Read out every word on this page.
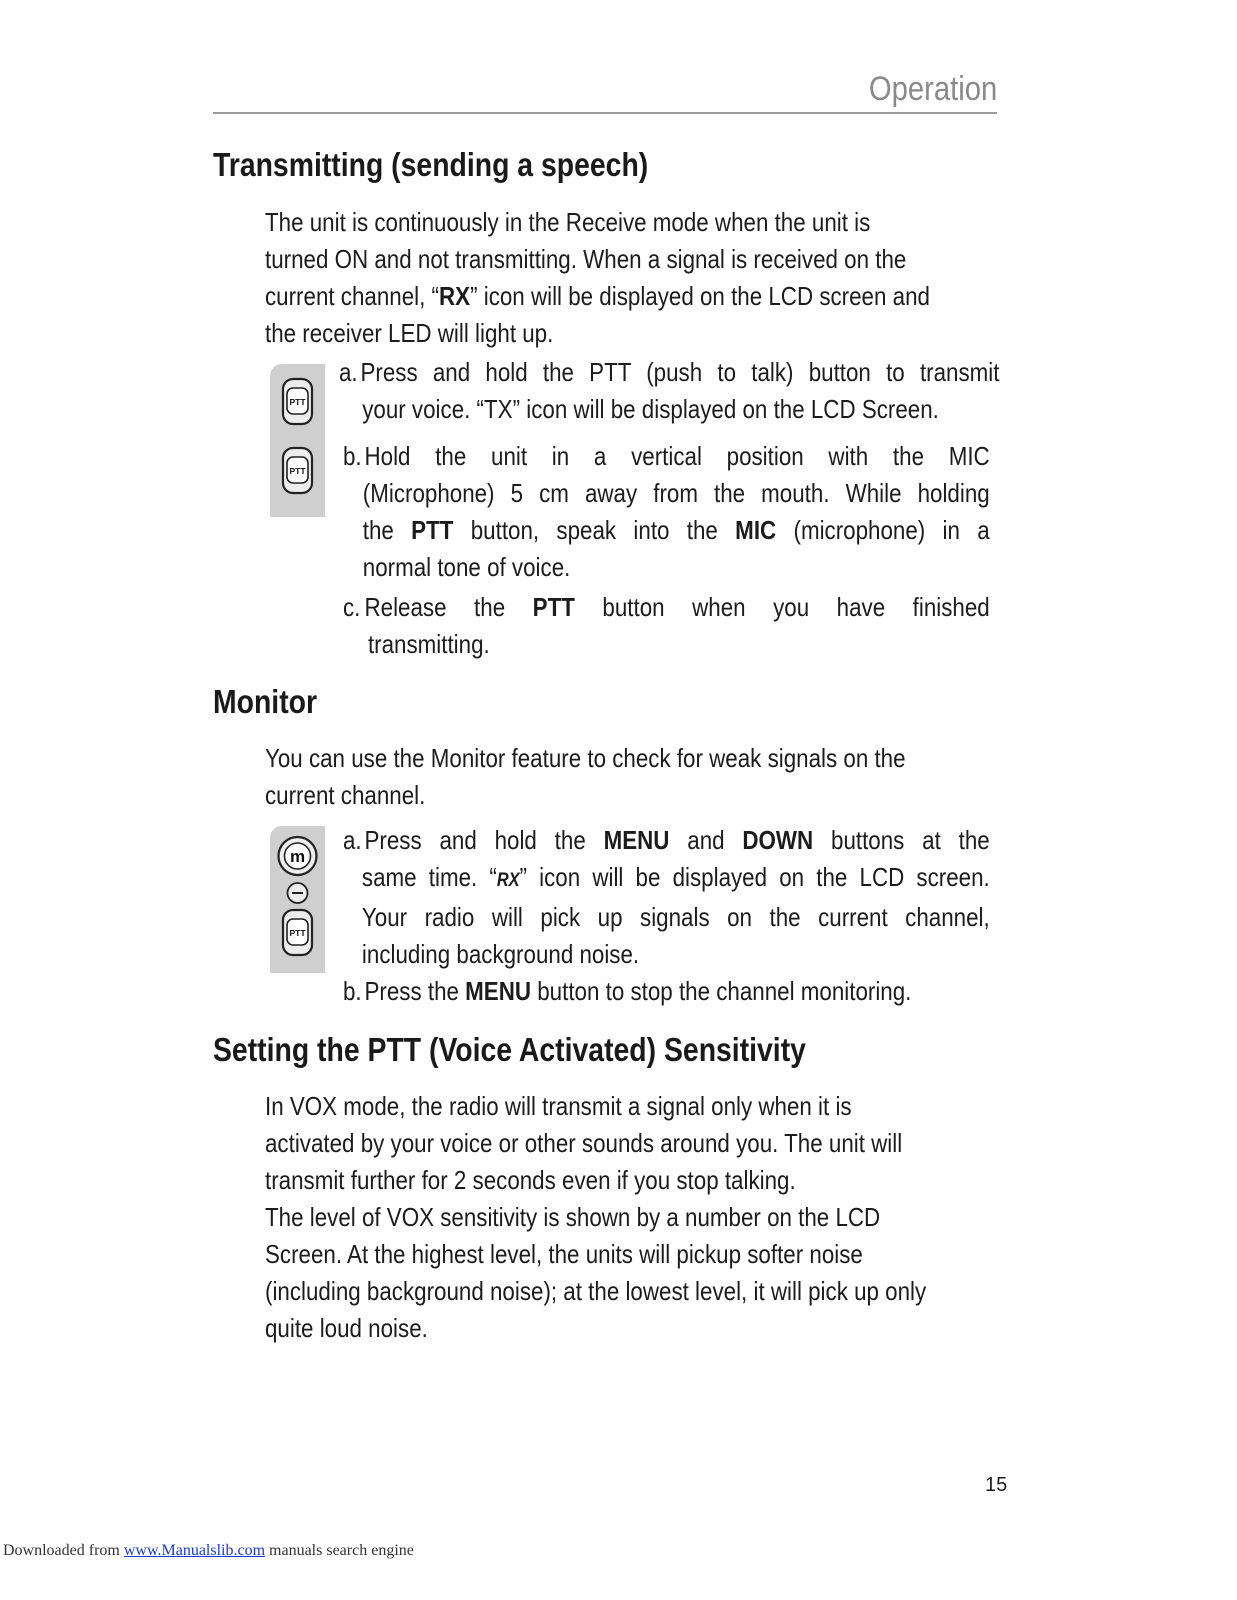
Operation
Transmitting (sending a speech)

The unit is continuously in the Receive mode when the unit is
turned ON and not transmitting. When a signal is received on the
current channel, “RX” icon will be displayed on the LCD screen and
the receiver LED will light up.

PTT
PTT
a. Press and hold the PTT (push to talk) button to transmit
your voice. “TX” icon will be displayed on the LCD Screen.
b. Hold the unit in a vertical position with the MIC
(Microphone) 5 cm away from the mouth. While holding
the PTT button, speak into the MIC (microphone) in a
normal tone of voice.
c. Release the PTT button when you have finished
transmitting.
Monitor

You can use the Monitor feature to check for weak signals on the
current channel.

m
PTT
a. Press and hold the MENU and DOWN buttons at the
same time. “RX” icon will be displayed on the LCD screen.
Your radio will pick up signals on the current channel,
including background noise.
b. Press the MENU button to stop the channel monitoring.
Setting the PTT (Voice Activated) Sensitivity

In VOX mode, the radio will transmit a signal only when it is
activated by your voice or other sounds around you. The unit will
transmit further for 2 seconds even if you stop talking.

The level of VOX sensitivity is shown by a number on the LCD
Screen. At the highest level, the units will pickup softer noise
(including background noise); at the lowest level, it will pick up only
quite loud noise.

15
Downloaded from www.Manualslib.com manuals search engine
